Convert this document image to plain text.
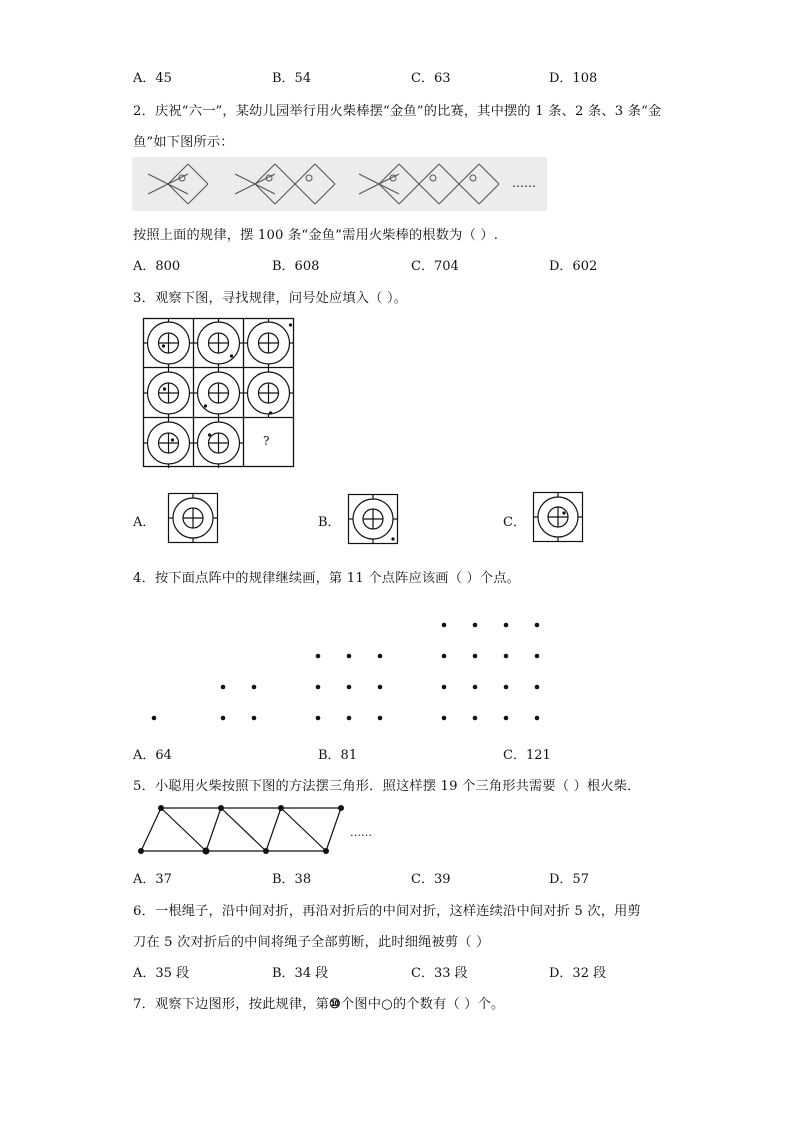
A．45	B．54	C．63	D．108
2．庆祝“六一”，某幼儿园举行用火柴棒摆“金鱼”的比赛，其中摆的 1 条、2 条、3 条“金
鱼”如下图所示：
……
按照上面的规律，摆 100 条“金鱼”需用火柴棒的根数为（ ）.
A．800	B．608	C．704	D．602
3．观察下图，寻找规律，问号处应填入（ ）。
?
A．	B．	C．
4．按下面点阵中的规律继续画，第 11 个点阵应该画（ ）个点。
A．64	B．81	C．121
5．小聪用火柴按照下图的方法摆三角形．照这样摆 19 个三角形共需要（ ）根火柴．
……
A．37	B．38	C．39	D．57
6．一根绳子，沿中间对折，再沿对折后的中间对折，这样连续沿中间对折 5 次，用剪
刀在 5 次对折后的中间将绳子全部剪断，此时细绳被剪（ ）
A．35 段	B．34 段	C．33 段	D．32 段
7．观察下边图形，按此规律，第⑩个图中○的个数有（ ）个。
